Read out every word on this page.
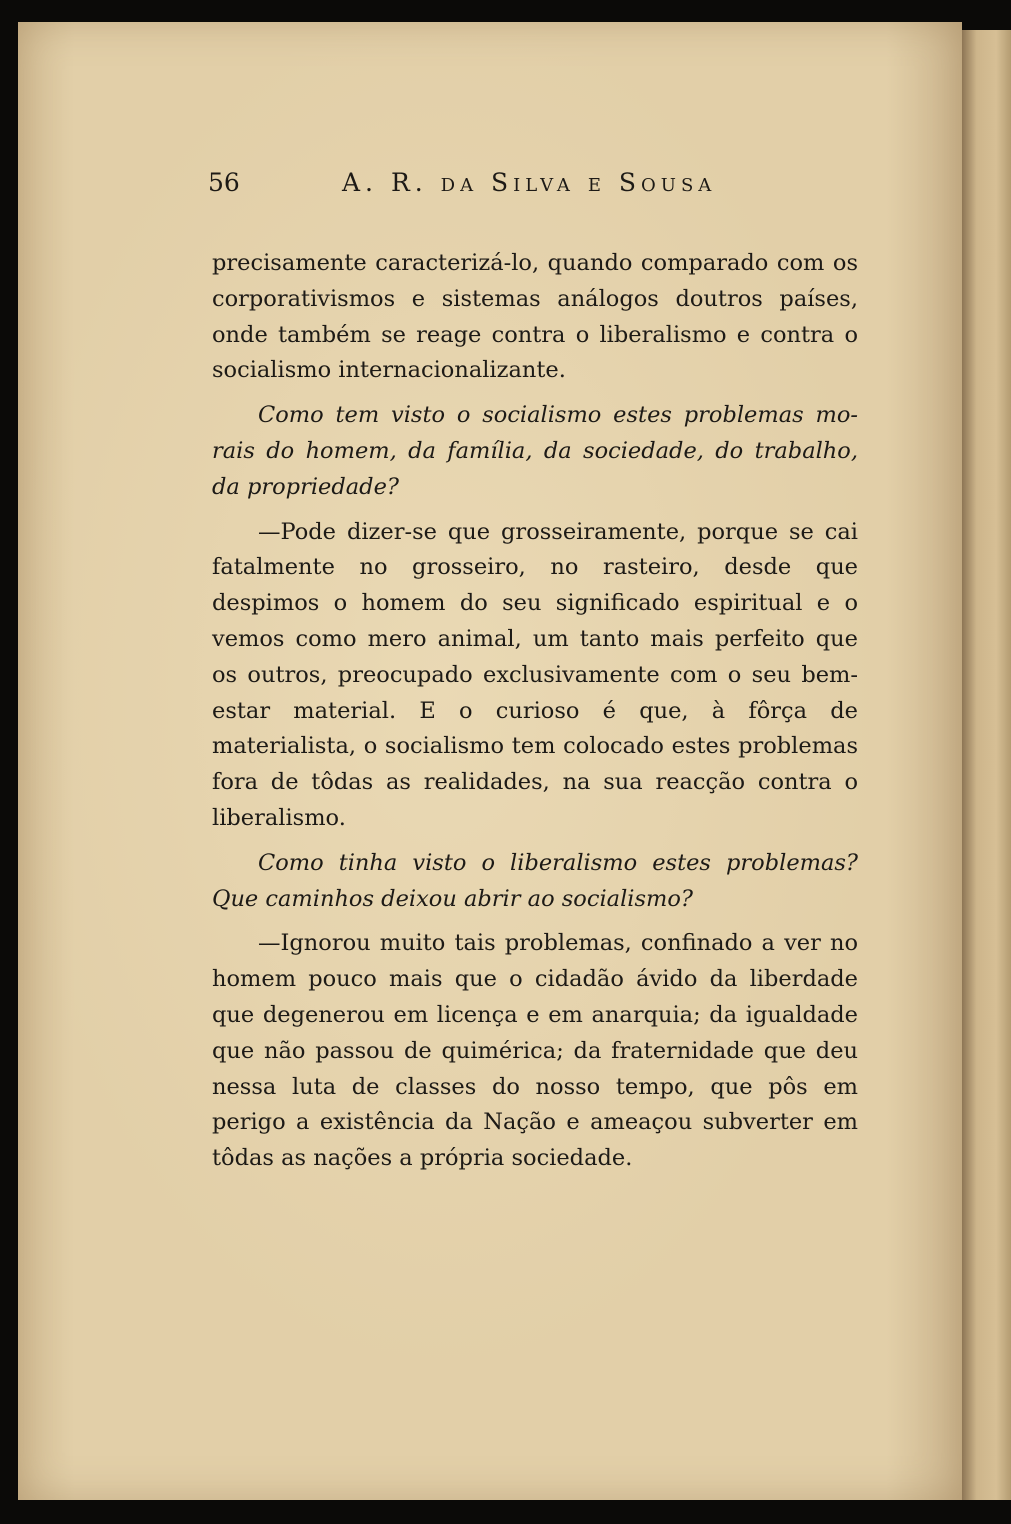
56	A. R. da Silva e Sousa

precisamente caracterizá-lo, quando comparado com os corporativismos e sistemas análogos doutros países, onde também se reage contra o liberalismo e contra o socialismo internacionalizante.

Como tem visto o socialismo estes problemas morais do homem, da família, da sociedade, do trabalho, da propriedade?

—Pode dizer-se que grosseiramente, porque se cai fatalmente no grosseiro, no rasteiro, desde que despimos o homem do seu significado espiritual e o vemos como mero animal, um tanto mais perfeito que os outros, preocupado exclusivamente com o seu bem-estar material. E o curioso é que, à fôrça de materialista, o socialismo tem colocado estes problemas fora de tôdas as realidades, na sua reacção contra o liberalismo.

Como tinha visto o liberalismo estes problemas? Que caminhos deixou abrir ao socialismo?

—Ignorou muito tais problemas, confinado a ver no homem pouco mais que o cidadão ávido da liberdade que degenerou em licença e em anarquia; da igualdade que não passou de quimérica; da fraternidade que deu nessa luta de classes do nosso tempo, que pôs em perigo a existência da Nação e ameaçou subverter em tôdas as nações a própria sociedade.
